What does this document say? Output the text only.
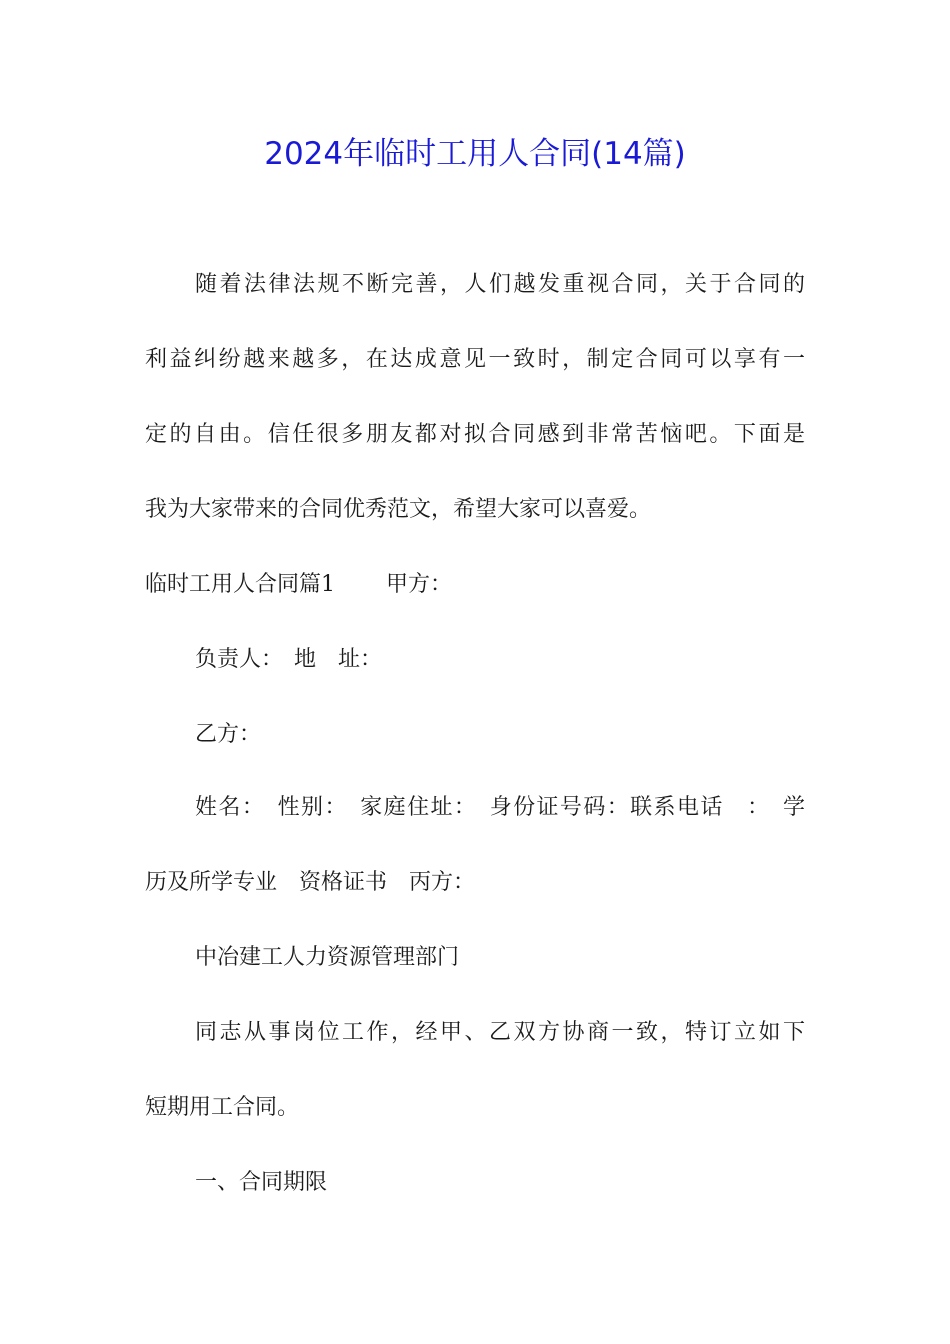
2024年临时工用人合同(14篇)
随着法律法规不断完善，人们越发重视合同，关于合同的
利益纠纷越来越多，在达成意见一致时，制定合同可以享有一
定的自由。信任很多朋友都对拟合同感到非常苦恼吧。下面是
我为大家带来的合同优秀范文，希望大家可以喜爱。
临时工用人合同篇1　　 甲方：
负责人：　地　址：
乙方：
姓名：　性别：　家庭住址：　身份证号码：联系电话　：　学
历及所学专业　资格证书　丙方：
中冶建工人力资源管理部门
同志从事岗位工作，经甲、乙双方协商一致，特订立如下
短期用工合同。
一、合同期限
